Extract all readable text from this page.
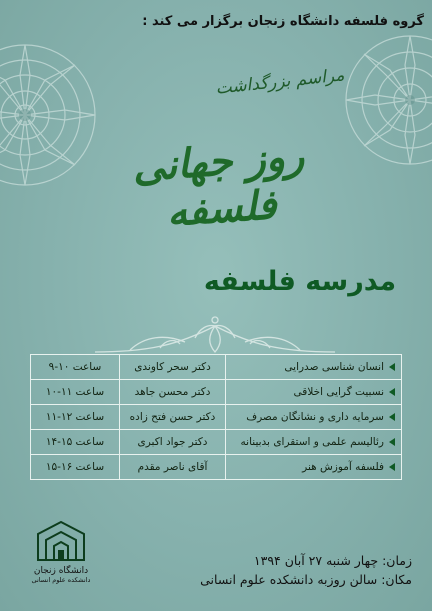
گروه فلسفه دانشگاه زنجان برگزار می کند :
مراسم بزرگداشت
روز جهانی فلسفه
مدرسه فلسفه
انسان شناسی صدرایی
دکتر سحر کاوندی
ساعت ۱۰-۹
نسبیت گرایی اخلاقی
دکتر محسن جاهد
ساعت ۱۱-۱۰
سرمایه داری و نشانگان مصرف
دکتر حسن فتح زاده
ساعت ۱۲-۱۱
رئالیسم علمی و استقرای بدبینانه
دکتر جواد اکبری
ساعت ۱۵-۱۴
فلسفه آموزش هنر
آقای ناصر مقدم
ساعت ۱۶-۱۵
دانشگاه زنجان
دانشکده علوم انسانی
زمان: چهار شنبه ۲۷ آبان ۱۳۹۴
مکان: سالن روزبه دانشکده علوم انسانی
